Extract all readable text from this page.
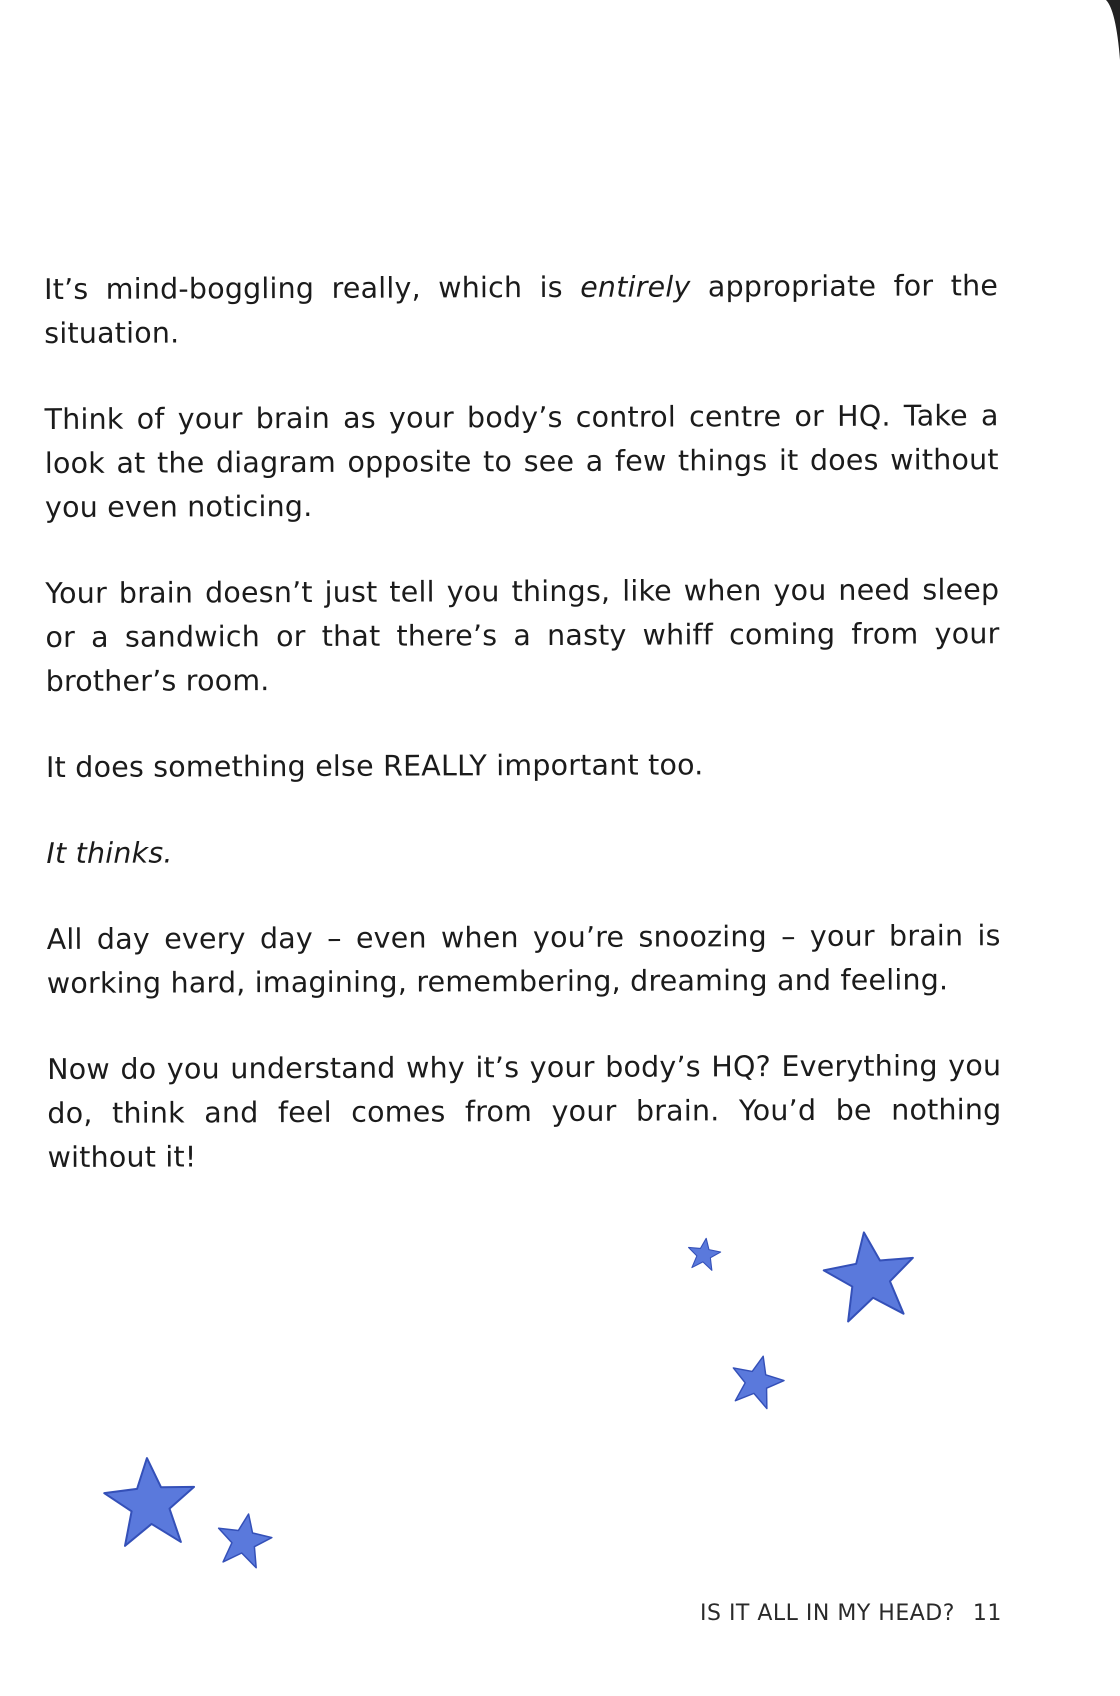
It’s mind-boggling really, which is entirely appropriate for the situation.

Think of your brain as your body’s control centre or HQ. Take a look at the diagram opposite to see a few things it does without you even noticing.

Your brain doesn’t just tell you things, like when you need sleep or a sandwich or that there’s a nasty whiff coming from your brother’s room.

It does something else REALLY important too.

It thinks.

All day every day – even when you’re snoozing – your brain is working hard, imagining, remembering, dreaming and feeling.

Now do you understand why it’s your body’s HQ? Everything you do, think and feel comes from your brain. You’d be nothing without it!

IS IT ALL IN MY HEAD? 11
